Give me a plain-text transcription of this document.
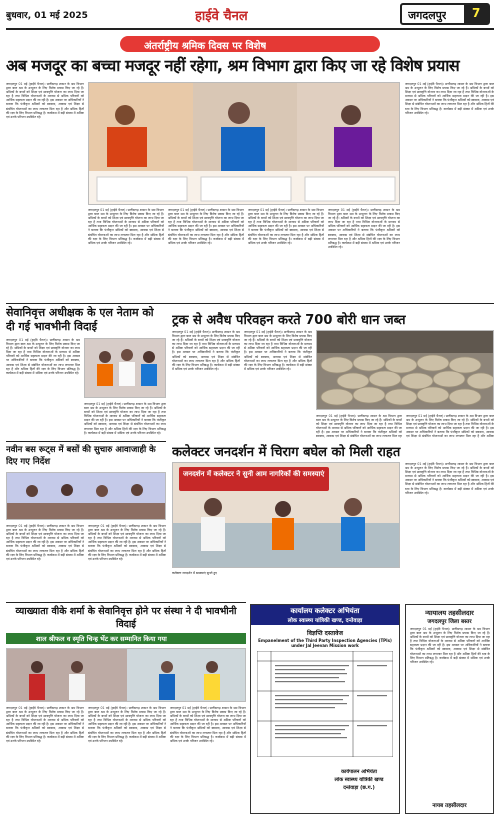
बुधवार, 01 मई 2025	हाईवे चैनल	जगदलपुर 7
अंतर्राष्ट्रीय श्रमिक दिवस पर विशेष
अब मजदूर का बच्चा मजदूर नहीं रहेगा, श्रम विभाग द्वारा किए जा रहे विशेष प्रयास
जगदलपुर 01 मई (हाईवे चैनल)। छत्तीसगढ़ शासन के श्रम विभाग द्वारा बाल श्रम के उन्मूलन के लिए विशेष प्रयास किए जा रहे हैं। श्रमिकों के बच्चों को शिक्षा एवं छात्रवृत्ति योजना का लाभ दिया जा रहा है तथा विभिन्न योजनाओं के माध्यम से श्रमिक परिवारों को आर्थिक सहायता प्रदान की जा रही है। इस अवसर पर अधिकारियों ने बताया कि पंजीकृत श्रमिकों को स्वास्थ्य, आवास एवं शिक्षा से संबंधित योजनाओं का लाभ लगातार मिल रहा है और श्रमिक हितों की रक्षा के लिए विभाग प्रतिबद्ध है। कार्यक्रम में बड़ी संख्या में श्रमिक एवं उनके परिजन उपस्थित रहे।
जगदलपुर 01 मई (हाईवे चैनल)। छत्तीसगढ़ शासन के श्रम विभाग द्वारा बाल श्रम के उन्मूलन के लिए विशेष प्रयास किए जा रहे हैं। श्रमिकों के बच्चों को शिक्षा एवं छात्रवृत्ति योजना का लाभ दिया जा रहा है तथा विभिन्न योजनाओं के माध्यम से श्रमिक परिवारों को आर्थिक सहायता प्रदान की जा रही है। इस अवसर पर अधिकारियों ने बताया कि पंजीकृत श्रमिकों को स्वास्थ्य, आवास एवं शिक्षा से संबंधित योजनाओं का लाभ लगातार मिल रहा है और श्रमिक हितों की रक्षा के लिए विभाग प्रतिबद्ध है। कार्यक्रम में बड़ी संख्या में श्रमिक एवं उनके परिजन उपस्थित रहे।
जगदलपुर 01 मई (हाईवे चैनल)। छत्तीसगढ़ शासन के श्रम विभाग द्वारा बाल श्रम के उन्मूलन के लिए विशेष प्रयास किए जा रहे हैं। श्रमिकों के बच्चों को शिक्षा एवं छात्रवृत्ति योजना का लाभ दिया जा रहा है तथा विभिन्न योजनाओं के माध्यम से श्रमिक परिवारों को आर्थिक सहायता प्रदान की जा रही है। इस अवसर पर अधिकारियों ने बताया कि पंजीकृत श्रमिकों को स्वास्थ्य, आवास एवं शिक्षा से संबंधित योजनाओं का लाभ लगातार मिल रहा है और श्रमिक हितों की रक्षा के लिए विभाग प्रतिबद्ध है। कार्यक्रम में बड़ी संख्या में श्रमिक एवं उनके परिजन उपस्थित रहे।
जगदलपुर 01 मई (हाईवे चैनल)। छत्तीसगढ़ शासन के श्रम विभाग द्वारा बाल श्रम के उन्मूलन के लिए विशेष प्रयास किए जा रहे हैं। श्रमिकों के बच्चों को शिक्षा एवं छात्रवृत्ति योजना का लाभ दिया जा रहा है तथा विभिन्न योजनाओं के माध्यम से श्रमिक परिवारों को आर्थिक सहायता प्रदान की जा रही है। इस अवसर पर अधिकारियों ने बताया कि पंजीकृत श्रमिकों को स्वास्थ्य, आवास एवं शिक्षा से संबंधित योजनाओं का लाभ लगातार मिल रहा है और श्रमिक हितों की रक्षा के लिए विभाग प्रतिबद्ध है। कार्यक्रम में बड़ी संख्या में श्रमिक एवं उनके परिजन उपस्थित रहे।
जगदलपुर 01 मई (हाईवे चैनल)। छत्तीसगढ़ शासन के श्रम विभाग द्वारा बाल श्रम के उन्मूलन के लिए विशेष प्रयास किए जा रहे हैं। श्रमिकों के बच्चों को शिक्षा एवं छात्रवृत्ति योजना का लाभ दिया जा रहा है तथा विभिन्न योजनाओं के माध्यम से श्रमिक परिवारों को आर्थिक सहायता प्रदान की जा रही है। इस अवसर पर अधिकारियों ने बताया कि पंजीकृत श्रमिकों को स्वास्थ्य, आवास एवं शिक्षा से संबंधित योजनाओं का लाभ लगातार मिल रहा है और श्रमिक हितों की रक्षा के लिए विभाग प्रतिबद्ध है। कार्यक्रम में बड़ी संख्या में श्रमिक एवं उनके परिजन उपस्थित रहे।
जगदलपुर 01 मई (हाईवे चैनल)। छत्तीसगढ़ शासन के श्रम विभाग द्वारा बाल श्रम के उन्मूलन के लिए विशेष प्रयास किए जा रहे हैं। श्रमिकों के बच्चों को शिक्षा एवं छात्रवृत्ति योजना का लाभ दिया जा रहा है तथा विभिन्न योजनाओं के माध्यम से श्रमिक परिवारों को आर्थिक सहायता प्रदान की जा रही है। इस अवसर पर अधिकारियों ने बताया कि पंजीकृत श्रमिकों को स्वास्थ्य, आवास एवं शिक्षा से संबंधित योजनाओं का लाभ लगातार मिल रहा है और श्रमिक हितों की रक्षा के लिए विभाग प्रतिबद्ध है। कार्यक्रम में बड़ी संख्या में श्रमिक एवं उनके परिजन उपस्थित रहे।
सेवानिवृत्त अधीक्षक के एल नेताम को दी गई भावभीनी विदाई
जगदलपुर 01 मई (हाईवे चैनल)। छत्तीसगढ़ शासन के श्रम विभाग द्वारा बाल श्रम के उन्मूलन के लिए विशेष प्रयास किए जा रहे हैं। श्रमिकों के बच्चों को शिक्षा एवं छात्रवृत्ति योजना का लाभ दिया जा रहा है तथा विभिन्न योजनाओं के माध्यम से श्रमिक परिवारों को आर्थिक सहायता प्रदान की जा रही है। इस अवसर पर अधिकारियों ने बताया कि पंजीकृत श्रमिकों को स्वास्थ्य, आवास एवं शिक्षा से संबंधित योजनाओं का लाभ लगातार मिल रहा है और श्रमिक हितों की रक्षा के लिए विभाग प्रतिबद्ध है। कार्यक्रम में बड़ी संख्या में श्रमिक एवं उनके परिजन उपस्थित रहे।
जगदलपुर 01 मई (हाईवे चैनल)। छत्तीसगढ़ शासन के श्रम विभाग द्वारा बाल श्रम के उन्मूलन के लिए विशेष प्रयास किए जा रहे हैं। श्रमिकों के बच्चों को शिक्षा एवं छात्रवृत्ति योजना का लाभ दिया जा रहा है तथा विभिन्न योजनाओं के माध्यम से श्रमिक परिवारों को आर्थिक सहायता प्रदान की जा रही है। इस अवसर पर अधिकारियों ने बताया कि पंजीकृत श्रमिकों को स्वास्थ्य, आवास एवं शिक्षा से संबंधित योजनाओं का लाभ लगातार मिल रहा है और श्रमिक हितों की रक्षा के लिए विभाग प्रतिबद्ध है। कार्यक्रम में बड़ी संख्या में श्रमिक एवं उनके परिजन उपस्थित रहे।
ट्रक से अवैध परिवहन करते 700 बोरी धान जब्त
जगदलपुर 01 मई (हाईवे चैनल)। छत्तीसगढ़ शासन के श्रम विभाग द्वारा बाल श्रम के उन्मूलन के लिए विशेष प्रयास किए जा रहे हैं। श्रमिकों के बच्चों को शिक्षा एवं छात्रवृत्ति योजना का लाभ दिया जा रहा है तथा विभिन्न योजनाओं के माध्यम से श्रमिक परिवारों को आर्थिक सहायता प्रदान की जा रही है। इस अवसर पर अधिकारियों ने बताया कि पंजीकृत श्रमिकों को स्वास्थ्य, आवास एवं शिक्षा से संबंधित योजनाओं का लाभ लगातार मिल रहा है और श्रमिक हितों की रक्षा के लिए विभाग प्रतिबद्ध है। कार्यक्रम में बड़ी संख्या में श्रमिक एवं उनके परिजन उपस्थित रहे।
जगदलपुर 01 मई (हाईवे चैनल)। छत्तीसगढ़ शासन के श्रम विभाग द्वारा बाल श्रम के उन्मूलन के लिए विशेष प्रयास किए जा रहे हैं। श्रमिकों के बच्चों को शिक्षा एवं छात्रवृत्ति योजना का लाभ दिया जा रहा है तथा विभिन्न योजनाओं के माध्यम से श्रमिक परिवारों को आर्थिक सहायता प्रदान की जा रही है। इस अवसर पर अधिकारियों ने बताया कि पंजीकृत श्रमिकों को स्वास्थ्य, आवास एवं शिक्षा से संबंधित योजनाओं का लाभ लगातार मिल रहा है और श्रमिक हितों की रक्षा के लिए विभाग प्रतिबद्ध है। कार्यक्रम में बड़ी संख्या में श्रमिक एवं उनके परिजन उपस्थित रहे।
जगदलपुर 01 मई (हाईवे चैनल)। छत्तीसगढ़ शासन के श्रम विभाग द्वारा बाल श्रम के उन्मूलन के लिए विशेष प्रयास किए जा रहे हैं। श्रमिकों के बच्चों को शिक्षा एवं छात्रवृत्ति योजना का लाभ दिया जा रहा है तथा विभिन्न योजनाओं के माध्यम से श्रमिक परिवारों को आर्थिक सहायता प्रदान की जा रही है। इस अवसर पर अधिकारियों ने बताया कि पंजीकृत श्रमिकों को स्वास्थ्य, आवास एवं शिक्षा से संबंधित योजनाओं का लाभ लगातार मिल रहा
जगदलपुर 01 मई (हाईवे चैनल)। छत्तीसगढ़ शासन के श्रम विभाग द्वारा बाल श्रम के उन्मूलन के लिए विशेष प्रयास किए जा रहे हैं। श्रमिकों के बच्चों को शिक्षा एवं छात्रवृत्ति योजना का लाभ दिया जा रहा है तथा विभिन्न योजनाओं के माध्यम से श्रमिक परिवारों को आर्थिक सहायता प्रदान की जा रही है। इस अवसर पर अधिकारियों ने बताया कि पंजीकृत श्रमिकों को स्वास्थ्य, आवास एवं शिक्षा से संबंधित योजनाओं का लाभ लगातार मिल रहा है और श्रमिक
नवीन बस रूट्स में बसों की सुचारु आवाजाही के दिए गए निर्देश
जगदलपुर 01 मई (हाईवे चैनल)। छत्तीसगढ़ शासन के श्रम विभाग द्वारा बाल श्रम के उन्मूलन के लिए विशेष प्रयास किए जा रहे हैं। श्रमिकों के बच्चों को शिक्षा एवं छात्रवृत्ति योजना का लाभ दिया जा रहा है तथा विभिन्न योजनाओं के माध्यम से श्रमिक परिवारों को आर्थिक सहायता प्रदान की जा रही है। इस अवसर पर अधिकारियों ने बताया कि पंजीकृत श्रमिकों को स्वास्थ्य, आवास एवं शिक्षा से संबंधित योजनाओं का लाभ लगातार मिल रहा है और श्रमिक हितों की रक्षा के लिए विभाग प्रतिबद्ध है। कार्यक्रम में बड़ी संख्या में श्रमिक एवं उनके परिजन उपस्थित रहे।
जगदलपुर 01 मई (हाईवे चैनल)। छत्तीसगढ़ शासन के श्रम विभाग द्वारा बाल श्रम के उन्मूलन के लिए विशेष प्रयास किए जा रहे हैं। श्रमिकों के बच्चों को शिक्षा एवं छात्रवृत्ति योजना का लाभ दिया जा रहा है तथा विभिन्न योजनाओं के माध्यम से श्रमिक परिवारों को आर्थिक सहायता प्रदान की जा रही है। इस अवसर पर अधिकारियों ने बताया कि पंजीकृत श्रमिकों को स्वास्थ्य, आवास एवं शिक्षा से संबंधित योजनाओं का लाभ लगातार मिल रहा है और श्रमिक हितों की रक्षा के लिए विभाग प्रतिबद्ध है। कार्यक्रम में बड़ी संख्या में श्रमिक एवं उनके परिजन उपस्थित रहे।
कलेक्टर जनदर्शन में चिराग बघेल को मिली राहत
जनदर्शन में कलेक्टर ने सुनी आम नागरिकों की समस्याएं
जगदलपुर 01 मई (हाईवे चैनल)। छत्तीसगढ़ शासन के श्रम विभाग द्वारा बाल श्रम के उन्मूलन के लिए विशेष प्रयास किए जा रहे हैं। श्रमिकों के बच्चों को शिक्षा एवं छात्रवृत्ति योजना का लाभ दिया जा रहा है तथा विभिन्न योजनाओं के माध्यम से श्रमिक परिवारों को आर्थिक सहायता प्रदान की जा रही है। इस अवसर पर अधिकारियों ने बताया कि पंजीकृत श्रमिकों को स्वास्थ्य, आवास एवं शिक्षा से संबंधित योजनाओं का लाभ लगातार मिल रहा है और श्रमिक हितों की रक्षा के लिए विभाग प्रतिबद्ध है। कार्यक्रम में बड़ी संख्या में श्रमिक एवं उनके परिजन उपस्थित रहे।
कलेक्टर जनदर्शन में समस्याएं सुनते हुए
व्याख्याता वीके शर्मा के सेवानिवृत्त होने पर संस्था ने दी भावभीनी विदाई
शाल श्रीफल व स्मृति चिन्ह भेंट कर सम्मानित किया गया
जगदलपुर 01 मई (हाईवे चैनल)। छत्तीसगढ़ शासन के श्रम विभाग द्वारा बाल श्रम के उन्मूलन के लिए विशेष प्रयास किए जा रहे हैं। श्रमिकों के बच्चों को शिक्षा एवं छात्रवृत्ति योजना का लाभ दिया जा रहा है तथा विभिन्न योजनाओं के माध्यम से श्रमिक परिवारों को आर्थिक सहायता प्रदान की जा रही है। इस अवसर पर अधिकारियों ने बताया कि पंजीकृत श्रमिकों को स्वास्थ्य, आवास एवं शिक्षा से संबंधित योजनाओं का लाभ लगातार मिल रहा है और श्रमिक हितों की रक्षा के लिए विभाग प्रतिबद्ध है। कार्यक्रम में बड़ी संख्या में श्रमिक एवं उनके परिजन उपस्थित रहे।
जगदलपुर 01 मई (हाईवे चैनल)। छत्तीसगढ़ शासन के श्रम विभाग द्वारा बाल श्रम के उन्मूलन के लिए विशेष प्रयास किए जा रहे हैं। श्रमिकों के बच्चों को शिक्षा एवं छात्रवृत्ति योजना का लाभ दिया जा रहा है तथा विभिन्न योजनाओं के माध्यम से श्रमिक परिवारों को आर्थिक सहायता प्रदान की जा रही है। इस अवसर पर अधिकारियों ने बताया कि पंजीकृत श्रमिकों को स्वास्थ्य, आवास एवं शिक्षा से संबंधित योजनाओं का लाभ लगातार मिल रहा है और श्रमिक हितों की रक्षा के लिए विभाग प्रतिबद्ध है। कार्यक्रम में बड़ी संख्या में श्रमिक एवं उनके परिजन उपस्थित रहे।
जगदलपुर 01 मई (हाईवे चैनल)। छत्तीसगढ़ शासन के श्रम विभाग द्वारा बाल श्रम के उन्मूलन के लिए विशेष प्रयास किए जा रहे हैं। श्रमिकों के बच्चों को शिक्षा एवं छात्रवृत्ति योजना का लाभ दिया जा रहा है तथा विभिन्न योजनाओं के माध्यम से श्रमिक परिवारों को आर्थिक सहायता प्रदान की जा रही है। इस अवसर पर अधिकारियों ने बताया कि पंजीकृत श्रमिकों को स्वास्थ्य, आवास एवं शिक्षा से संबंधित योजनाओं का लाभ लगातार मिल रहा है और श्रमिक हितों की रक्षा के लिए विभाग प्रतिबद्ध है। कार्यक्रम में बड़ी संख्या में श्रमिक एवं उनके परिजन उपस्थित रहे।
कार्यालय कलेक्टर अभियंता
लोक स्वास्थ्य यांत्रिकी खण्ड, दन्तेवाड़ा
विज्ञप्ति दस्तावेज
Empanelment of the Third Party Inspection Agencies (TPIs) under Jal Jeevan Mission work
कार्यपालन अभियंता
लोक स्वास्थ्य यांत्रिकी खण्ड
दन्तेवाड़ा (छ.ग.)
न्यायालय तहसीलदार
जगदलपुर जिला बस्तर
जगदलपुर 01 मई (हाईवे चैनल)। छत्तीसगढ़ शासन के श्रम विभाग द्वारा बाल श्रम के उन्मूलन के लिए विशेष प्रयास किए जा रहे हैं। श्रमिकों के बच्चों को शिक्षा एवं छात्रवृत्ति योजना का लाभ दिया जा रहा है तथा विभिन्न योजनाओं के माध्यम से श्रमिक परिवारों को आर्थिक सहायता प्रदान की जा रही है। इस अवसर पर अधिकारियों ने बताया कि पंजीकृत श्रमिकों को स्वास्थ्य, आवास एवं शिक्षा से संबंधित योजनाओं का लाभ लगातार मिल रहा है और श्रमिक हितों की रक्षा के लिए विभाग प्रतिबद्ध है। कार्यक्रम में बड़ी संख्या में श्रमिक एवं उनके परिजन उपस्थित रहे।
नायब तहसीलदार
